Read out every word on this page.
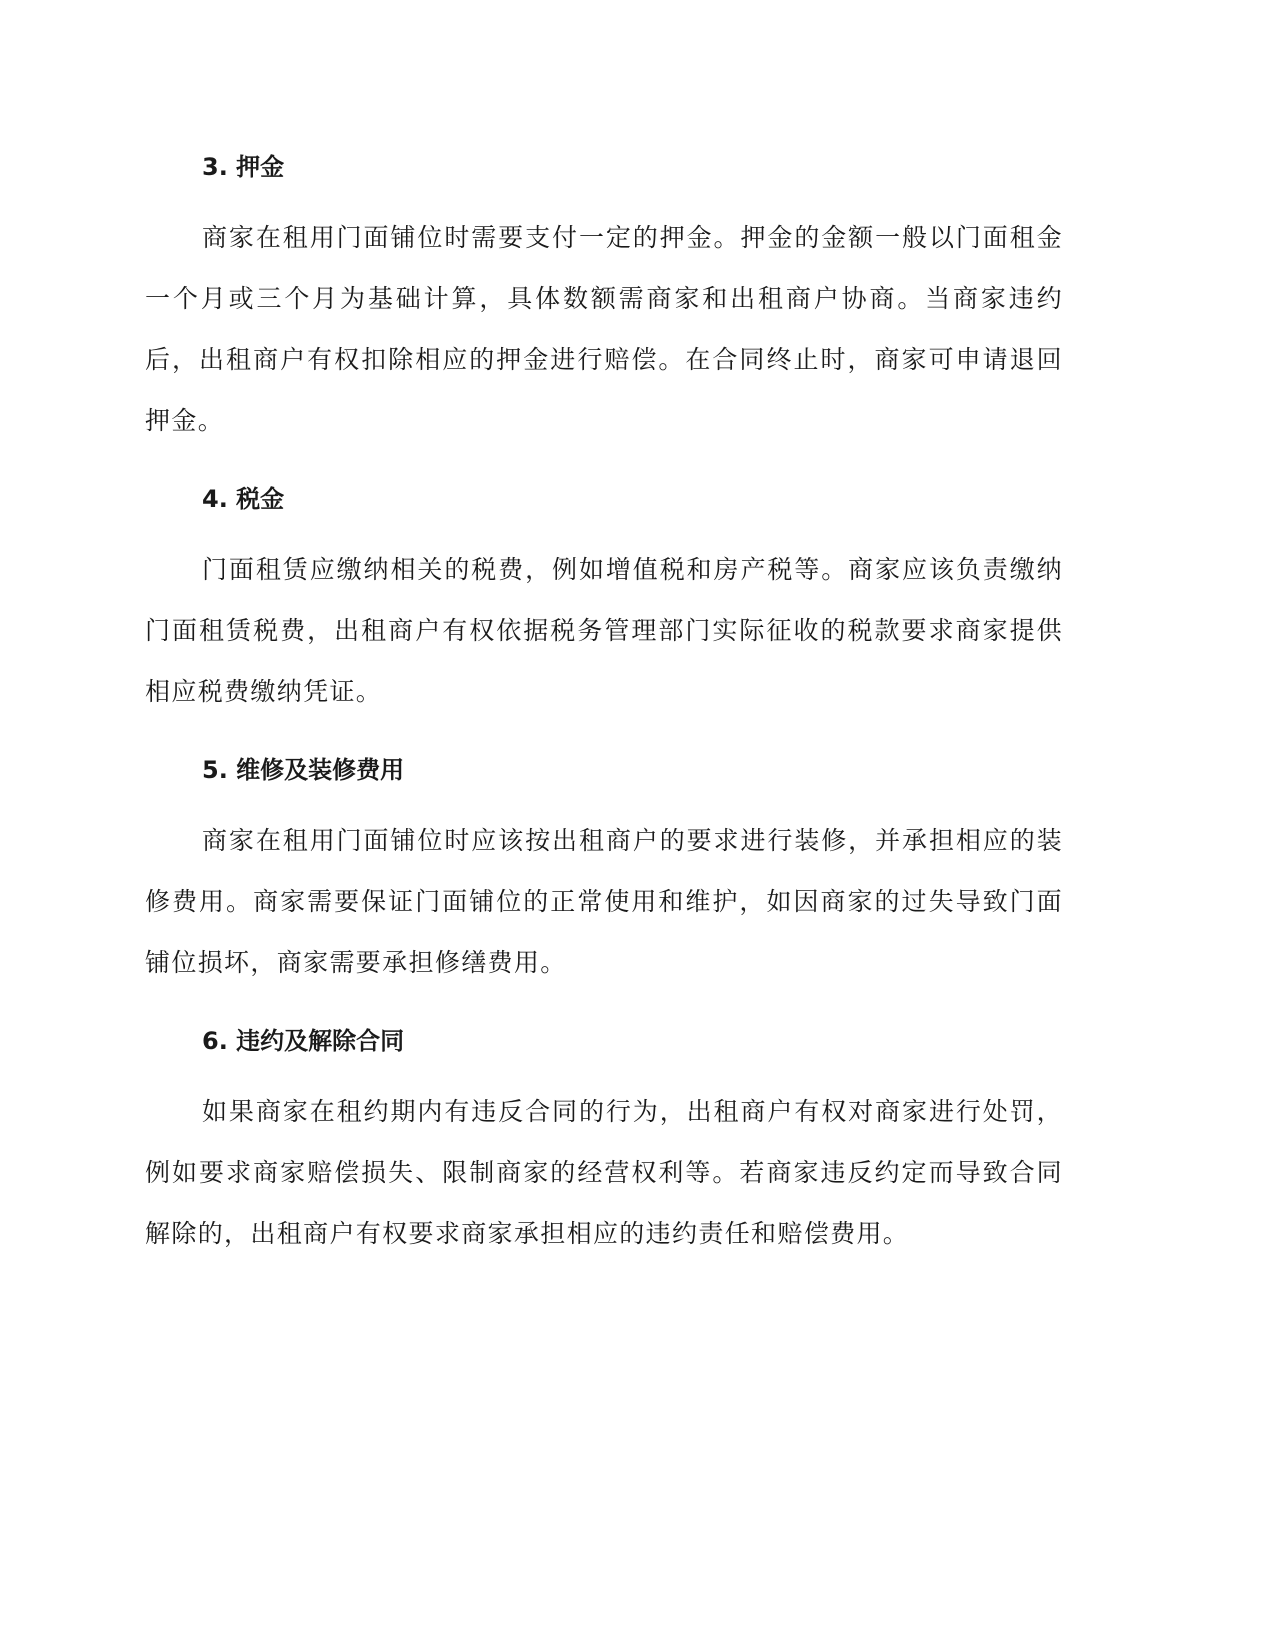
3. 押金

商家在租用门面铺位时需要支付一定的押金。押金的金额一般以门面租金一个月或三个月为基础计算，具体数额需商家和出租商户协商。当商家违约后，出租商户有权扣除相应的押金进行赔偿。在合同终止时，商家可申请退回押金。

4. 税金

门面租赁应缴纳相关的税费，例如增值税和房产税等。商家应该负责缴纳门面租赁税费，出租商户有权依据税务管理部门实际征收的税款要求商家提供相应税费缴纳凭证。

5. 维修及装修费用

商家在租用门面铺位时应该按出租商户的要求进行装修，并承担相应的装修费用。商家需要保证门面铺位的正常使用和维护，如因商家的过失导致门面铺位损坏，商家需要承担修缮费用。

6. 违约及解除合同

如果商家在租约期内有违反合同的行为，出租商户有权对商家进行处罚，例如要求商家赔偿损失、限制商家的经营权利等。若商家违反约定而导致合同解除的，出租商户有权要求商家承担相应的违约责任和赔偿费用。
